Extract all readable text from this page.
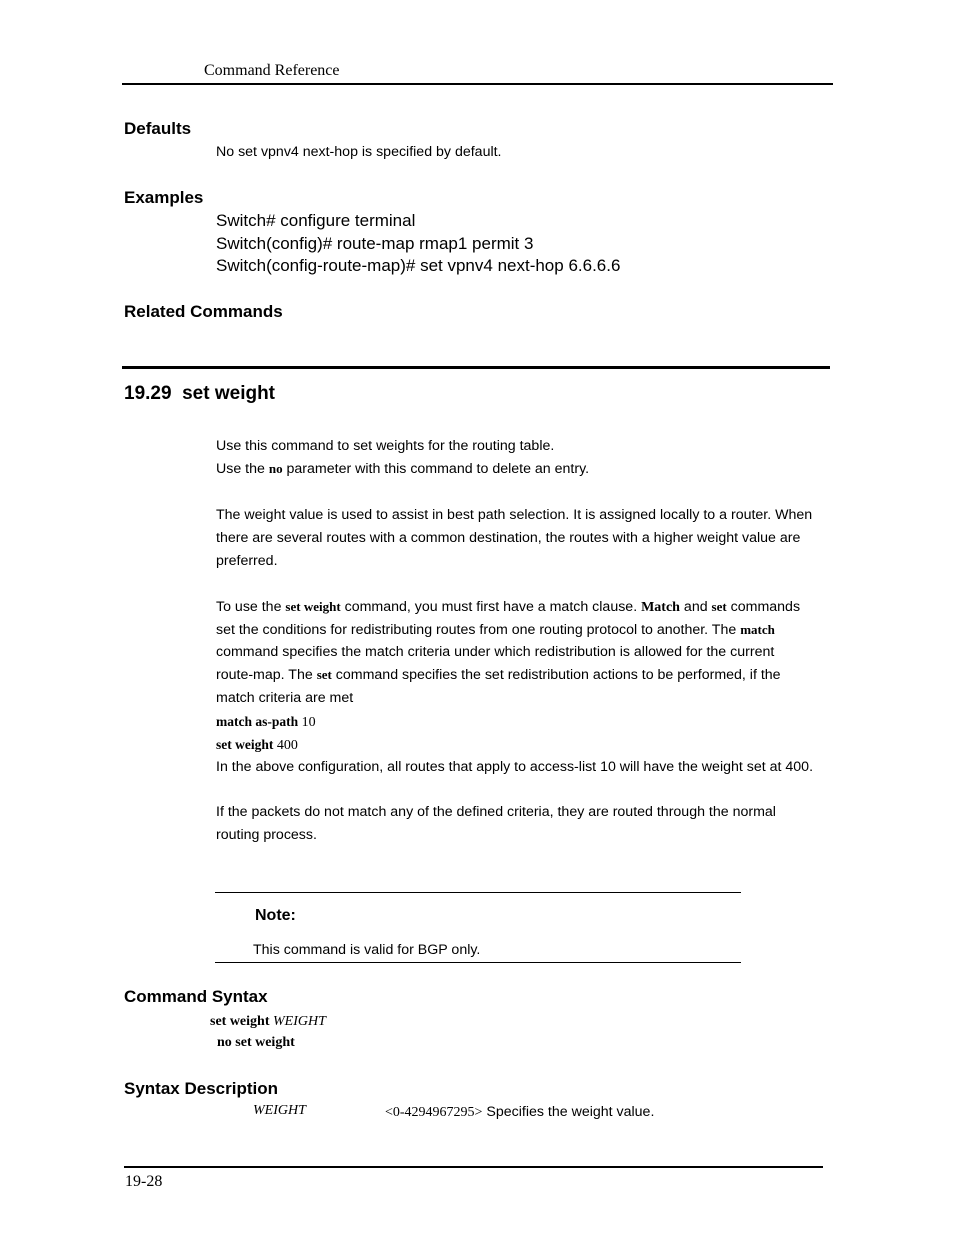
Command Reference
Defaults
No set vpnv4 next-hop is specified by default.
Examples
Switch# configure terminal
Switch(config)# route-map rmap1 permit 3
Switch(config-route-map)# set vpnv4 next-hop 6.6.6.6
Related Commands
19.29 set weight
Use this command to set weights for the routing table.
Use the no parameter with this command to delete an entry.
The weight value is used to assist in best path selection. It is assigned locally to a router. When
there are several routes with a common destination, the routes with a higher weight value are
preferred.
To use the set weight command, you must first have a match clause. Match and set commands
set the conditions for redistributing routes from one routing protocol to another. The match
command specifies the match criteria under which redistribution is allowed for the current
route-map. The set command specifies the set redistribution actions to be performed, if the
match criteria are met
match as-path 10
set weight 400
In the above configuration, all routes that apply to access-list 10 will have the weight set at 400.
If the packets do not match any of the defined criteria, they are routed through the normal
routing process.
Note:
This command is valid for BGP only.
Command Syntax
set weight WEIGHT
no set weight
Syntax Description
WEIGHT	<0-4294967295> Specifies the weight value.
19-28
